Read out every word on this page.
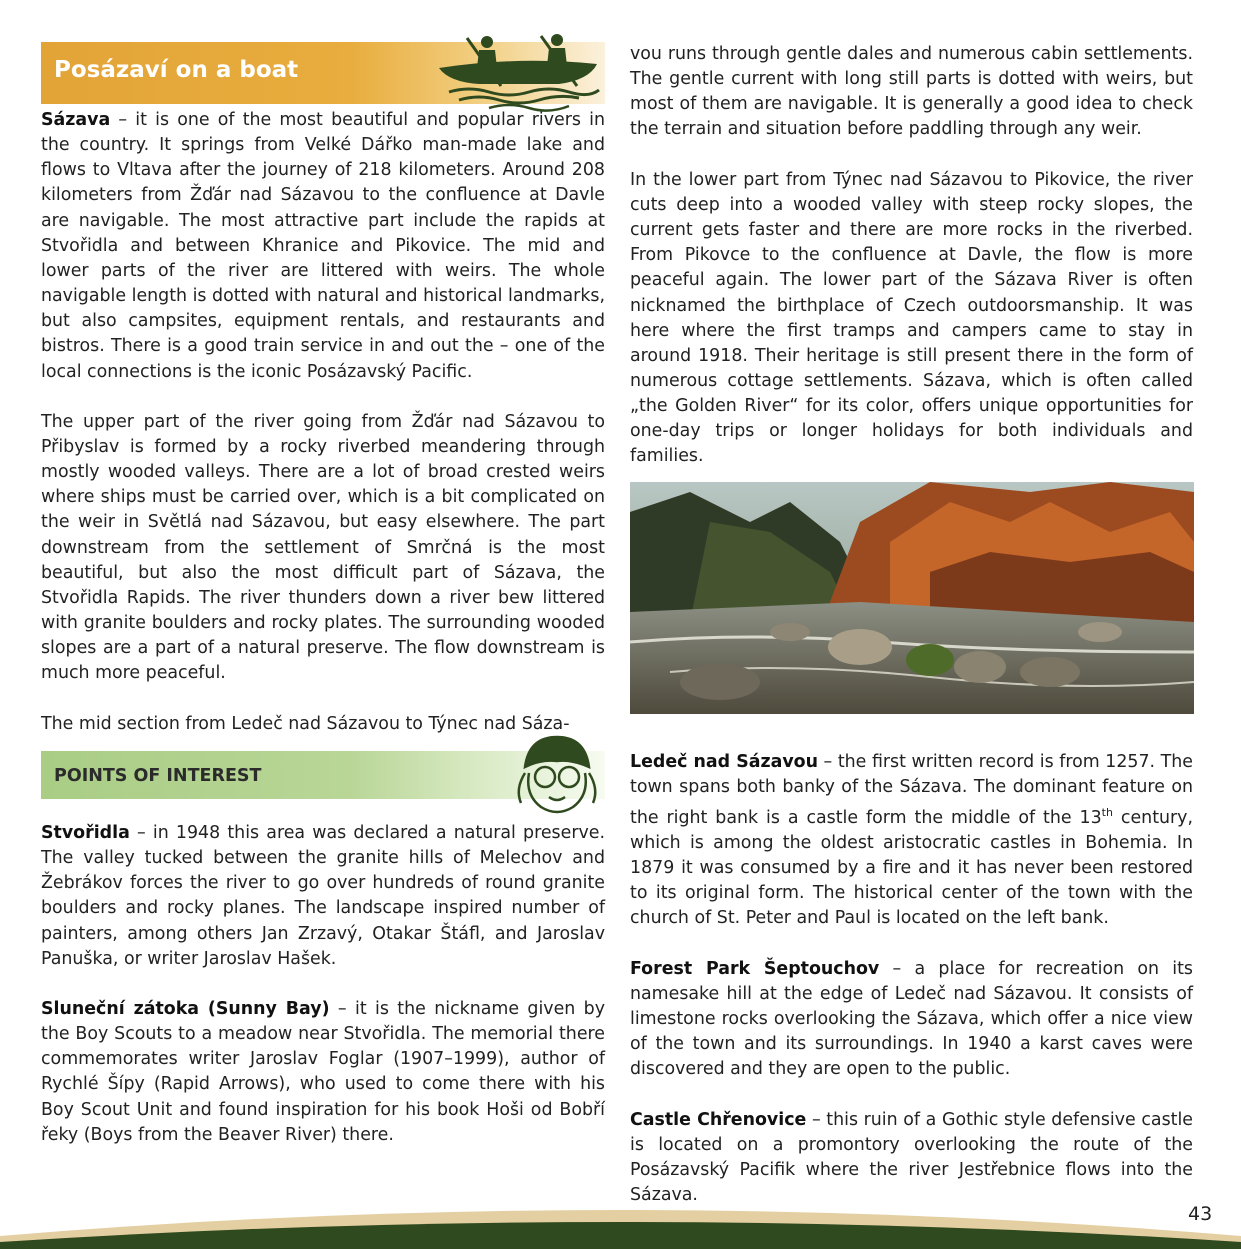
Posázaví on a boat

Sázava – it is one of the most beautiful and popular rivers in the country. It springs from Velké Dářko man-made lake and flows to Vltava after the journey of 218 kilometers. Around 208 kilometers from Žďár nad Sázavou to the confluence at Davle are navigable. The most attractive part include the rapids at Stvořidla and between Khranice and Pikovice. The mid and lower parts of the river are littered with weirs. The whole navigable length is dotted with natural and historical landmarks, but also campsites, equipment rentals, and restaurants and bistros. There is a good train service in and out the – one of the local connections is the iconic Posázavský Pacific.

The upper part of the river going from Žďár nad Sázavou to Přibyslav is formed by a rocky riverbed meandering through mostly wooded valleys. There are a lot of broad crested weirs where ships must be carried over, which is a bit complicated on the weir in Světlá nad Sázavou, but easy elsewhere. The part downstream from the settlement of Smrčná is the most beautiful, but also the most difficult part of Sázava, the Stvořidla Rapids. The river thunders down a river bew littered with granite boulders and rocky plates. The surrounding wooded slopes are a part of a natural preserve. The flow downstream is much more peaceful.

The mid section from Ledeč nad Sázavou to Týnec nad Sáza-

POINTS OF INTEREST

Stvořidla – in 1948 this area was declared a natural preserve. The valley tucked between the granite hills of Melechov and Žebrákov forces the river to go over hundreds of round granite boulders and rocky planes. The landscape inspired number of painters, among others Jan Zrzavý, Otakar Štáfl, and Jaroslav Panuška, or writer Jaroslav Hašek.

Sluneční zátoka (Sunny Bay) – it is the nickname given by the Boy Scouts to a meadow near Stvořidla. The memorial there commemorates writer Jaroslav Foglar (1907–1999), author of Rychlé Šípy (Rapid Arrows), who used to come there with his Boy Scout Unit and found inspiration for his book Hoši od Bobří řeky (Boys from the Beaver River) there.

vou runs through gentle dales and numerous cabin settlements. The gentle current with long still parts is dotted with weirs, but most of them are navigable. It is generally a good idea to check the terrain and situation before paddling through any weir.

In the lower part from Týnec nad Sázavou to Pikovice, the river cuts deep into a wooded valley with steep rocky slopes, the current gets faster and there are more rocks in the riverbed. From Pikovce to the confluence at Davle, the flow is more peaceful again. The lower part of the Sázava River is often nicknamed the birthplace of Czech outdoorsmanship. It was here where the first tramps and campers came to stay in around 1918. Their heritage is still present there in the form of numerous cottage settlements. Sázava, which is often called „the Golden River“ for its color, offers unique opportunities for one-day trips or longer holidays for both individuals and families.

Ledeč nad Sázavou – the first written record is from 1257. The town spans both banky of the Sázava. The dominant feature on the right bank is a castle form the middle of the 13th century, which is among the oldest aristocratic castles in Bohemia. In 1879 it was consumed by a fire and it has never been restored to its original form. The historical center of the town with the church of St. Peter and Paul is located on the left bank.

Forest Park Šeptouchov – a place for recreation on its namesake hill at the edge of Ledeč nad Sázavou. It consists of limestone rocks overlooking the Sázava, which offer a nice view of the town and its surroundings. In 1940 a karst caves were discovered and they are open to the public.

Castle Chřenovice – this ruin of a Gothic style defensive castle is located on a promontory overlooking the route of the Posázavský Pacifik where the river Jestřebnice flows into the Sázava.

43
